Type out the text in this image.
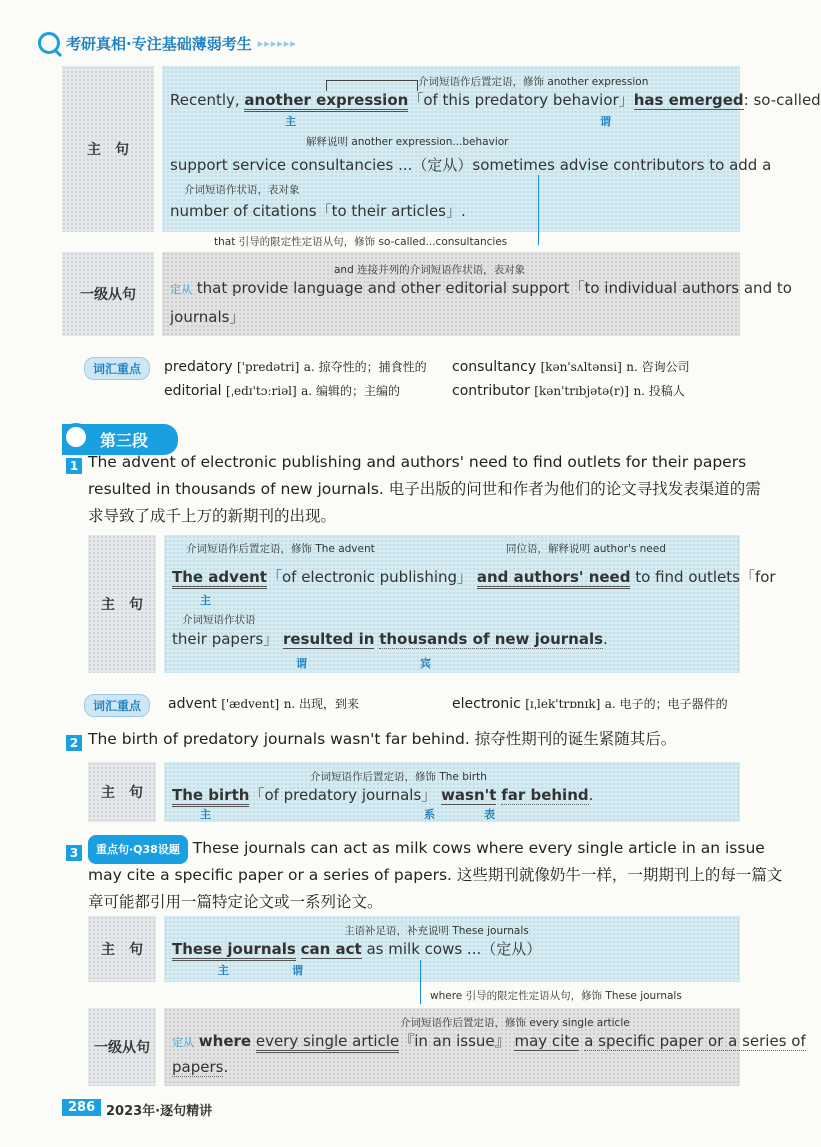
考研真相·专注基础薄弱考生 ▸▸▸▸▸▸
主　句
介词短语作后置定语，修饰 another expression
Recently, another expression「of this predatory behavior」has emerged: so-called
主	谓
解释说明 another expression...behavior
support service consultancies ...（定从）sometimes advise contributors to add a
介词短语作状语，表对象
number of citations「to their articles」.
that 引导的限定性定语从句，修饰 so-called...consultancies
一级从句
and 连接并列的介词短语作状语，表对象
定从 that provide language and other editorial support「to individual authors and to
journals」
词汇重点	predatory ['predətri] a. 掠夺性的；捕食性的 consultancy [kən'sʌltənsi] n. 咨询公司
editorial [ˌedɪ'tɔːriəl] a. 编辑的；主编的	contributor [kən'trɪbjətə(r)] n. 投稿人
第三段
1 The advent of electronic publishing and authors' need to find outlets for their papers
resulted in thousands of new journals. 电子出版的问世和作者为他们的论文寻找发表渠道的需
求导致了成千上万的新期刊的出现。
主　句
介词短语作后置定语，修饰 The advent	同位语，解释说明 author's need
The advent「of electronic publishing」 and authors' need to find outlets「for
主
介词短语作状语
their papers」 resulted in thousands of new journals.
谓	宾
词汇重点	advent ['ædvent] n. 出现，到来	electronic [ɪˌlek'trɒnɪk] a. 电子的；电子器件的
2 The birth of predatory journals wasn't far behind. 掠夺性期刊的诞生紧随其后。
主　句
介词短语作后置定语，修饰 The birth
The birth「of predatory journals」 wasn't far behind.
主	系	表
3	重点句·Q38设题 These journals can act as milk cows where every single article in an issue
may cite a specific paper or a series of papers. 这些期刊就像奶牛一样，一期期刊上的每一篇文
章可能都引用一篇特定论文或一系列论文。
主　句
主语补足语，补充说明 These journals
These journals can act as milk cows ...（定从）
主	谓
where 引导的限定性定语从句，修饰 These journals
一级从句
介词短语作后置定语，修饰 every single article
定从 where every single article『in an issue』 may cite a specific paper or a series of
papers.
286 2023年·逐句精讲
